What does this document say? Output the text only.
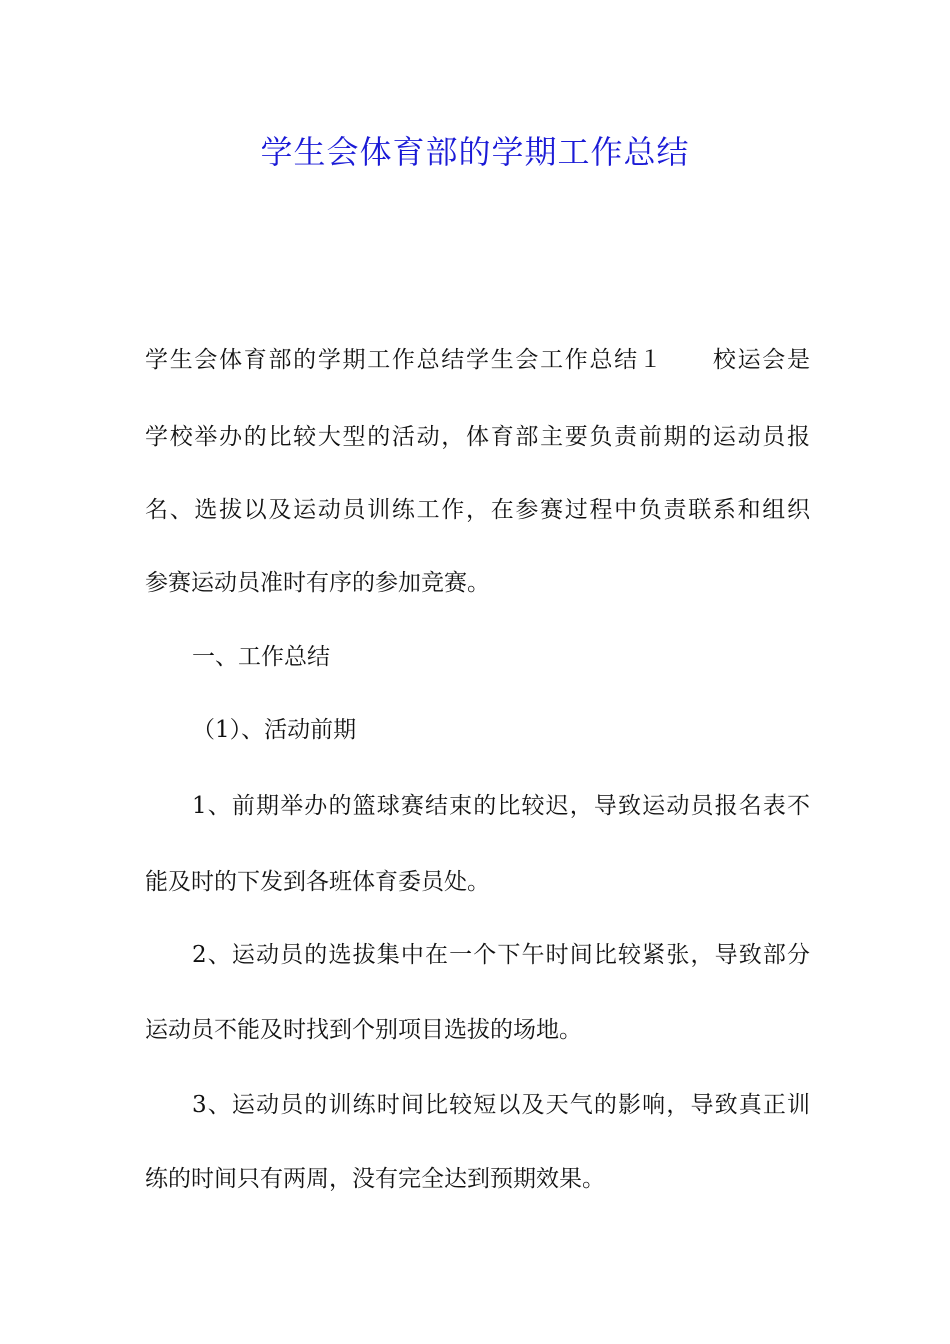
学生会体育部的学期工作总结
学生会体育部的学期工作总结学生会工作总结１　　校运会是
学校举办的比较大型的活动，体育部主要负责前期的运动员报
名、选拔以及运动员训练工作，在参赛过程中负责联系和组织
参赛运动员准时有序的参加竞赛。
一、工作总结
（1）、活动前期
1、前期举办的篮球赛结束的比较迟，导致运动员报名表不
能及时的下发到各班体育委员处。
2、运动员的选拔集中在一个下午时间比较紧张，导致部分
运动员不能及时找到个别项目选拔的场地。
3、运动员的训练时间比较短以及天气的影响，导致真正训
练的时间只有两周，没有完全达到预期效果。
